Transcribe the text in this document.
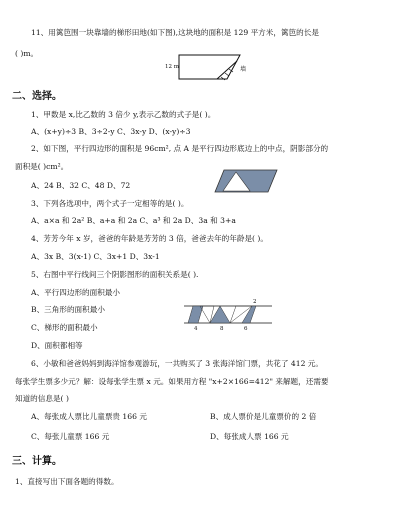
11、用篱笆围一块靠墙的梯形田地(如下图),这块地的面积是 129 平方米，篱笆的长是
( )m。
12 m	墙
二、选择。
1、甲数是 x,比乙数的 3 倍少 y,表示乙数的式子是( )。
A、(x+y)÷3 B、3÷2-y C、3x-y D、(x-y)÷3
2、如下图，平行四边形的面积是 96cm², 点 A 是平行四边形底边上的中点，阴影部分的
面积是( )cm²。
A、24 B、32 C、48 D、72
3、下列各选项中，两个式子一定相等的是( )。
A、a×a 和 2a² B、a+a 和 2a C、a³ 和 2a D、3a 和 3+a
4、芳芳今年 x 岁，爸爸的年龄是芳芳的 3 倍，爸爸去年的年龄是( )。
A、3x B、3(x-1) C、3x+1 D、3x-1
5、右图中平行线间三个阴影图形的面积关系是( ).
A、平行四边形的面积最小
B、三角形的面积最小
C、梯形的面积最小
D、面积都相等
2
4	8	6
6、小敏和爸爸妈妈到海洋馆参观游玩，一共购买了 3 张海洋馆门票，共花了 412 元。
每张学生票多少元？解：设每张学生票 x 元。如果用方程 "x+2×166=412" 来解题，还需要
知道的信息是( )
A、每张成人票比儿童票贵 166 元	B、成人票价是儿童票价的 2 倍
C、每张儿童票 166 元	D、每张成人票 166 元
三、计算。
1、直接写出下面各题的得数。
